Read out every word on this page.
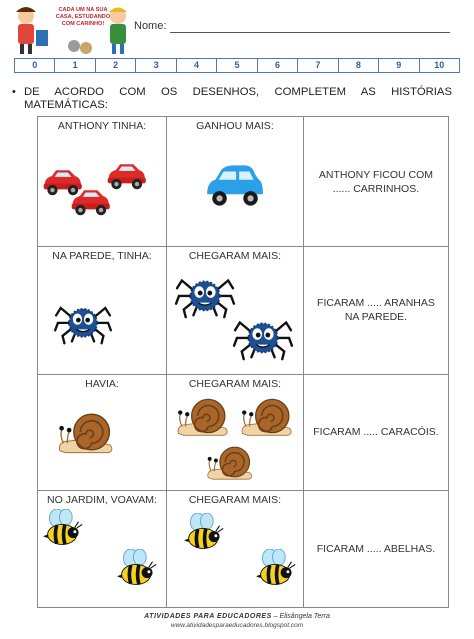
CADA UM NA SUA CASA, ESTUDANDO COM CARINHO!	Nome:
0	1	2	3	4	5	6	7	8	9	10
• DE ACORDO COM OS DESENHOS, COMPLETEM AS HISTÓRIAS MATEMÁTICAS:
ANTHONY TINHA:	GANHOU MAIS:	ANTHONY FICOU COM ...... CARRINHOS.

NA PAREDE, TINHA:	CHEGARAM MAIS:	FICARAM ..... ARANHAS NA PAREDE.

HAVIA:	CHEGARAM MAIS:	FICARAM ..... CARACÓIS.

NO JARDIM, VOAVAM:	CHEGARAM MAIS:	FICARAM ..... ABELHAS.
ATIVIDADES PARA EDUCADORES – Elisângela Terra
www.atividadesparaeducadores.blogspot.com
